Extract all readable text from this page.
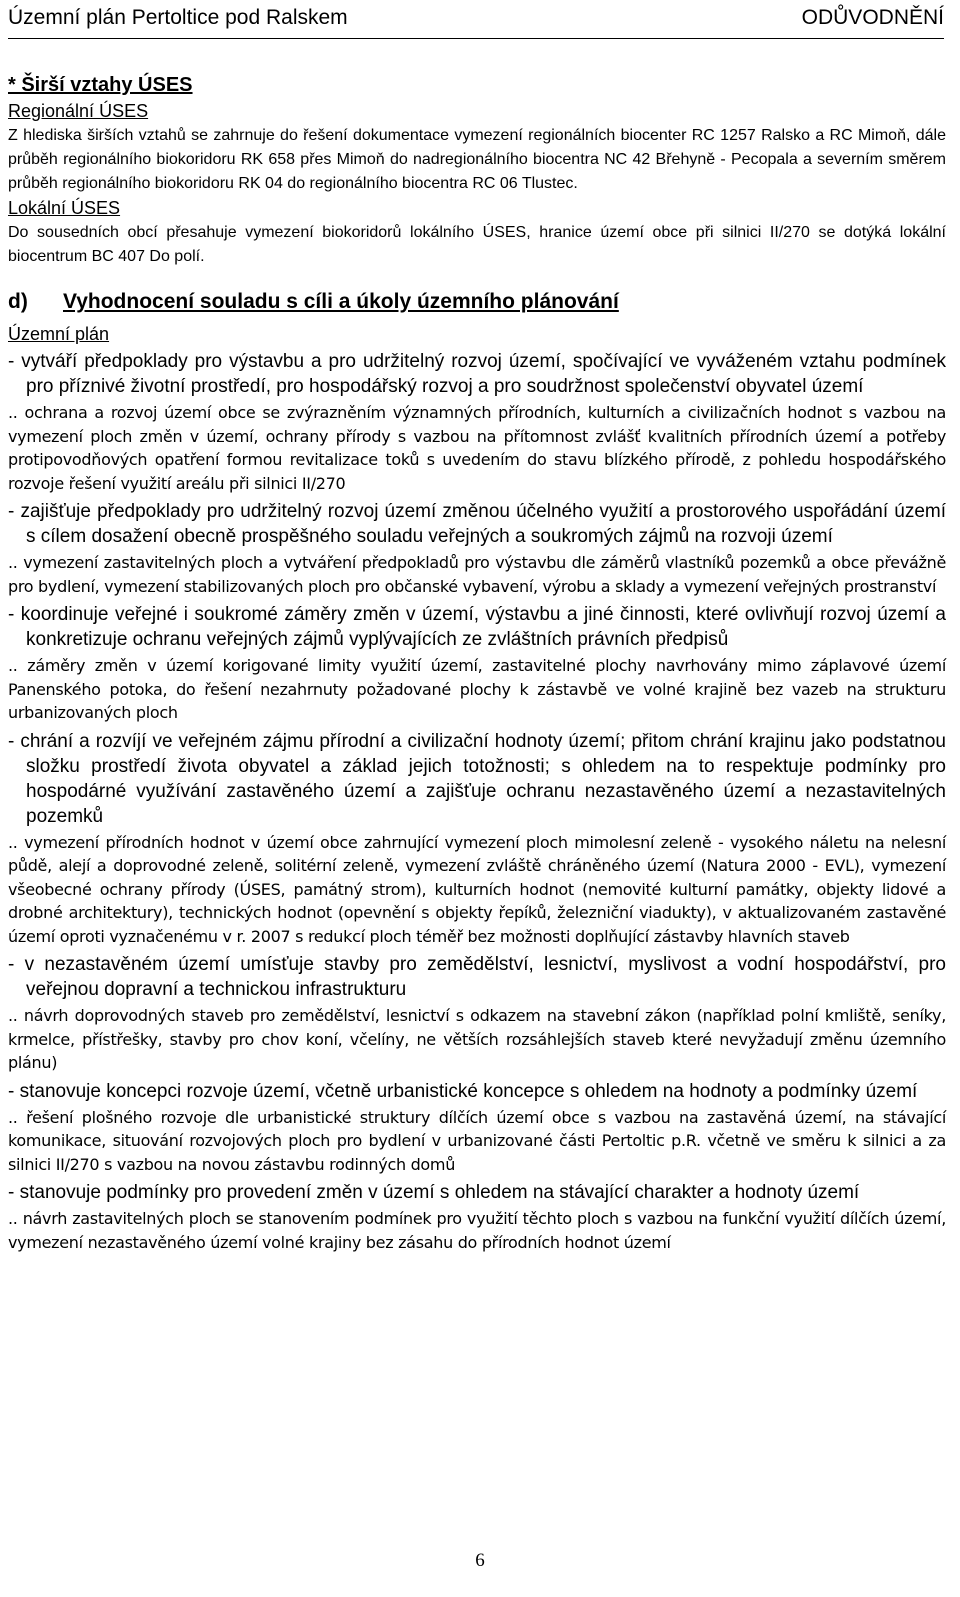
Územní plán Pertoltice pod Ralskem	ODŮVODNĚNÍ
* Širší vztahy ÚSES
Regionální ÚSES
Z hlediska širších vztahů se zahrnuje do řešení dokumentace vymezení regionálních biocenter RC 1257 Ralsko a RC Mimoň, dále průběh regionálního biokoridoru RK 658 přes Mimoň do nadregionálního biocentra NC 42 Břehyně - Pecopala a severním směrem průběh regionálního biokoridoru RK 04 do regionálního biocentra RC 06 Tlustec.
Lokální ÚSES
Do sousedních obcí přesahuje vymezení biokoridorů lokálního ÚSES, hranice území obce při silnici II/270 se dotýká lokální biocentrum BC 407 Do polí.
d)	Vyhodnocení souladu s cíli a úkoly územního plánování
Územní plán
- vytváří předpoklady pro výstavbu a pro udržitelný rozvoj území, spočívající ve vyváženém vztahu podmínek pro příznivé životní prostředí, pro hospodářský rozvoj a pro soudržnost společenství obyvatel území
.. ochrana a rozvoj území obce se zvýrazněním významných přírodních, kulturních a civilizačních hodnot s vazbou na vymezení ploch změn v území, ochrany přírody s vazbou na přítomnost zvlášť kvalitních přírodních území a potřeby protipovodňových opatření formou revitalizace toků s uvedením do stavu blízkého přírodě, z pohledu hospodářského rozvoje řešení využití areálu při silnici II/270
- zajišťuje předpoklady pro udržitelný rozvoj území změnou účelného využití a prostorového uspořádání území s cílem dosažení obecně prospěšného souladu veřejných a soukromých zájmů na rozvoji území
.. vymezení zastavitelných ploch a vytváření předpokladů pro výstavbu dle záměrů vlastníků pozemků a obce převážně pro bydlení, vymezení stabilizovaných ploch pro občanské vybavení, výrobu a sklady a vymezení veřejných prostranství
- koordinuje veřejné i soukromé záměry změn v území, výstavbu a jiné činnosti, které ovlivňují rozvoj území a konkretizuje ochranu veřejných zájmů vyplývajících ze zvláštních právních předpisů
.. záměry změn v území korigované limity využití území, zastavitelné plochy navrhovány mimo záplavové území Panenského potoka, do řešení nezahrnuty požadované plochy k zástavbě ve volné krajině bez vazeb na strukturu urbanizovaných ploch
- chrání a rozvíjí ve veřejném zájmu přírodní a civilizační hodnoty území; přitom chrání krajinu jako podstatnou složku prostředí života obyvatel a základ jejich totožnosti; s ohledem na to respektuje podmínky pro hospodárné využívání zastavěného území a zajišťuje ochranu nezastavěného území a nezastavitelných pozemků
.. vymezení přírodních hodnot v území obce zahrnující vymezení ploch mimolesní zeleně - vysokého náletu na nelesní půdě, alejí a doprovodné zeleně, solitérní zeleně, vymezení zvláště chráněného území (Natura 2000 - EVL), vymezení všeobecné ochrany přírody (ÚSES, památný strom), kulturních hodnot (nemovité kulturní památky, objekty lidové a drobné architektury), technických hodnot (opevnění s objekty řepíků, železniční viadukty), v aktualizovaném zastavěné území oproti vyznačenému v r. 2007 s redukcí ploch téměř bez možnosti doplňující zástavby hlavních staveb
- v nezastavěném území umísťuje stavby pro zemědělství, lesnictví, myslivost a vodní hospodářství, pro veřejnou dopravní a technickou infrastrukturu
.. návrh doprovodných staveb pro zemědělství, lesnictví s odkazem na stavební zákon (například polní kmliště, seníky, krmelce, přístřešky, stavby pro chov koní, včelíny, ne větších rozsáhlejších staveb které nevyžadují změnu územního plánu)
- stanovuje koncepci rozvoje území, včetně urbanistické koncepce s ohledem na hodnoty a podmínky území
.. řešení plošného rozvoje dle urbanistické struktury dílčích území obce s vazbou na zastavěná území, na stávající komunikace, situování rozvojových ploch pro bydlení v urbanizované části Pertoltic p.R. včetně ve směru k silnici a za silnici II/270 s vazbou na novou zástavbu rodinných domů
- stanovuje podmínky pro provedení změn v území s ohledem na stávající charakter a hodnoty území
.. návrh zastavitelných ploch se stanovením podmínek pro využití těchto ploch s vazbou na funkční využití dílčích území, vymezení nezastavěného území volné krajiny bez zásahu do přírodních hodnot území
6
